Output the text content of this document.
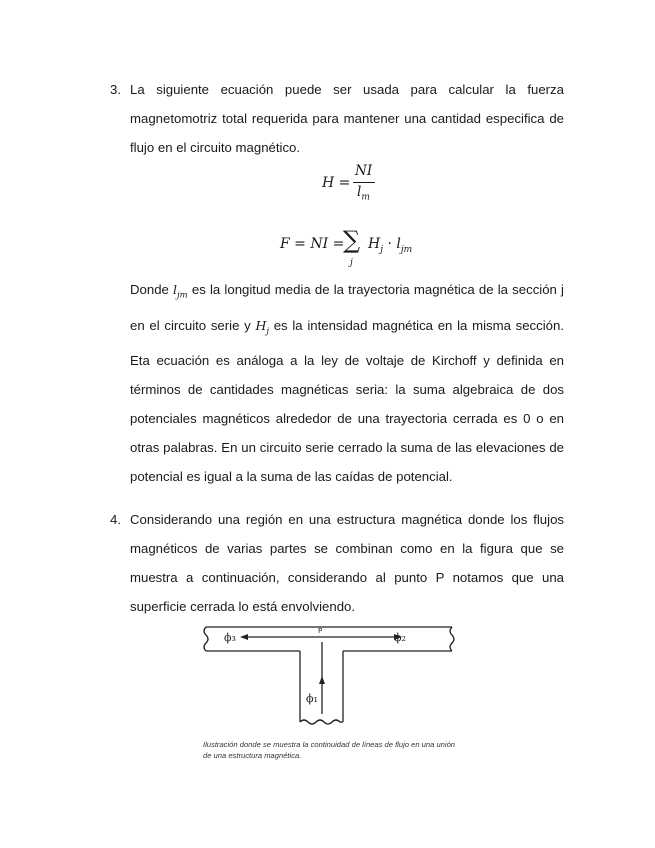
3. La siguiente ecuación puede ser usada para calcular la fuerza magnetomotriz total requerida para mantener una cantidad especifica de flujo en el circuito magnético.
H =
NI
$l_m$
F = NI =
∑
j
$H_j \cdot l_{jm}$
Donde $l_{jm}$ es la longitud media de la trayectoria magnética de la sección j en el circuito serie y $H_j$ es la intensidad magnética en la misma sección. Eta ecuación es análoga a la ley de voltaje de Kirchoff y definida en términos de cantidades magnéticas seria: la suma algebraica de dos potenciales magnéticos alrededor de una trayectoria cerrada es 0 o en otras palabras. En un circuito serie cerrado la suma de las elevaciones de potencial es igual a la suma de las caídas de potencial.
4. Considerando una región en una estructura magnética donde los flujos magnéticos de varias partes se combinan como en la figura que se muestra a continuación, considerando al punto P notamos que una superficie cerrada lo está envolviendo.
ϕ₃	ϕ₂
ϕ₁
P
Ilustración donde se muestra la continuidad de líneas de flujo en una unión de una estructura magnética.
